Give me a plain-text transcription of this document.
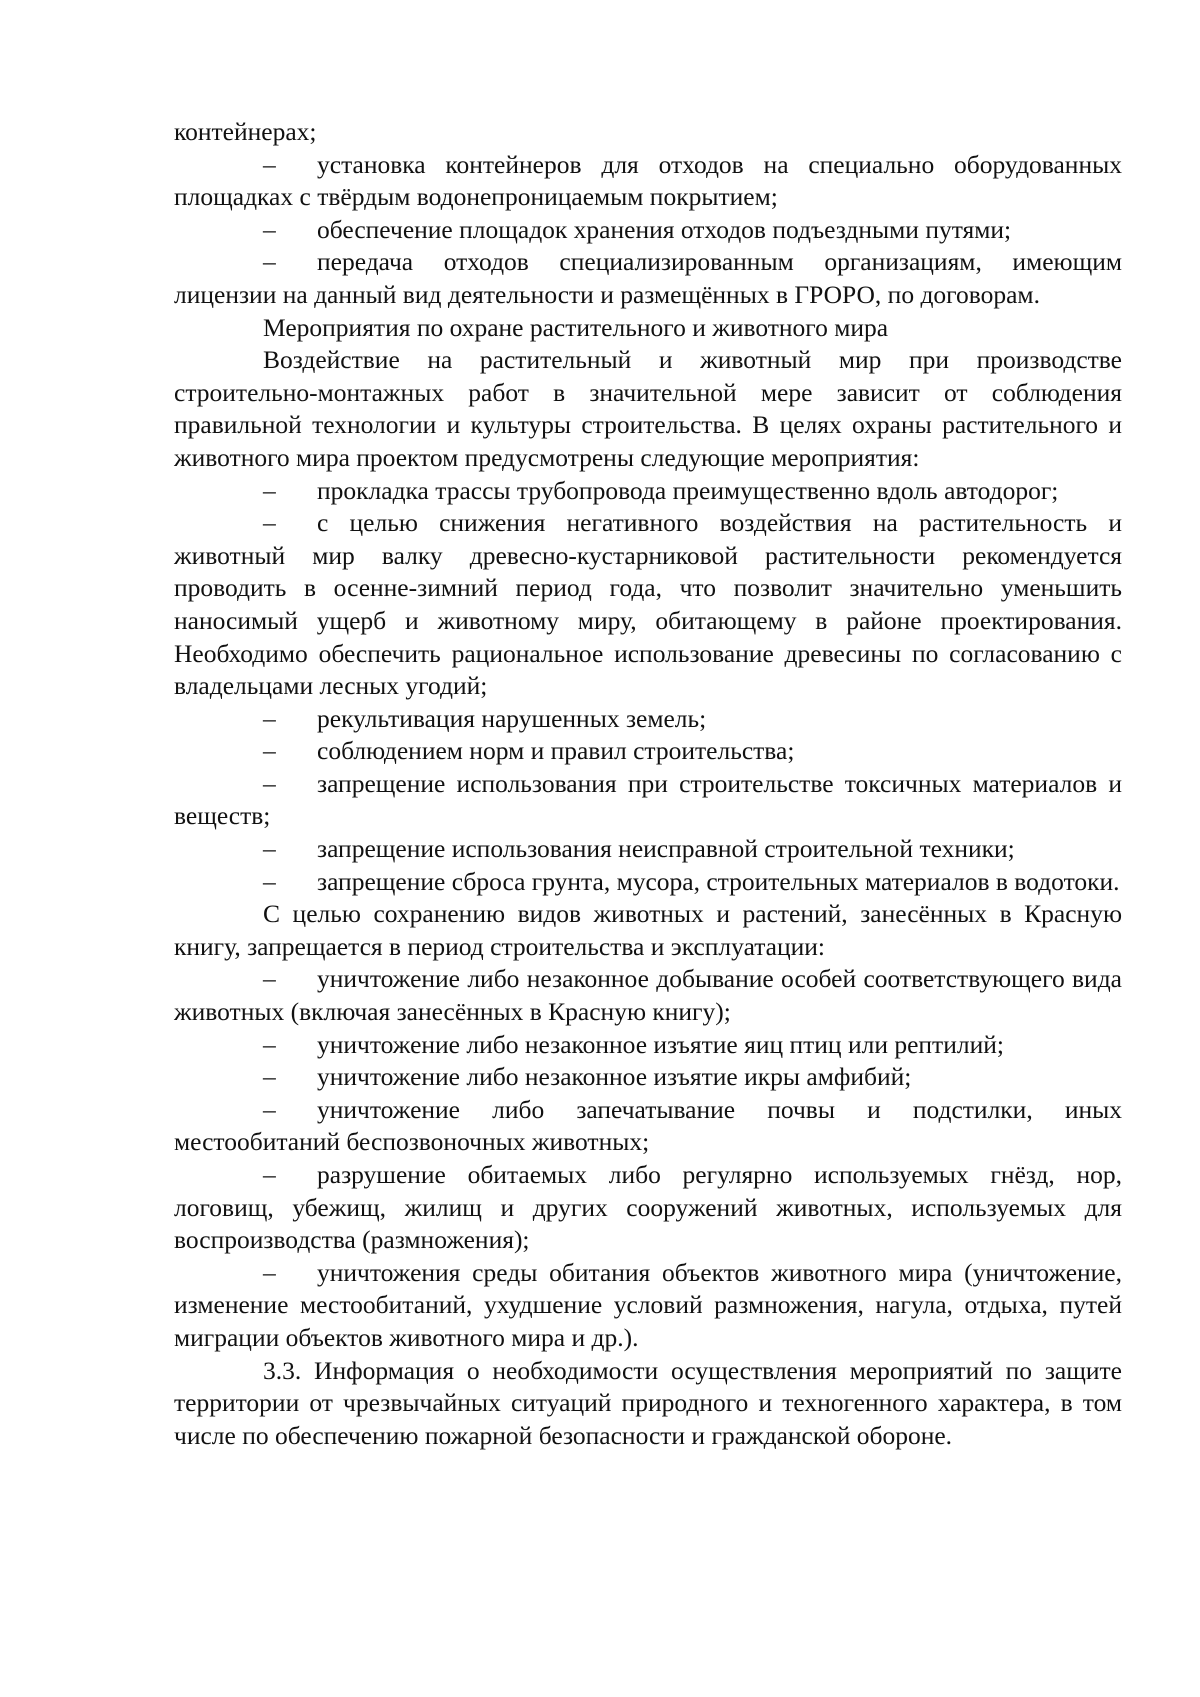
контейнерах;

– установка контейнеров для отходов на специально оборудованных площадках с твёрдым водонепроницаемым покрытием;

– обеспечение площадок хранения отходов подъездными путями;

– передача отходов специализированным организациям, имеющим лицензии на данный вид деятельности и размещённых в ГРОРО, по договорам.

Мероприятия по охране растительного и животного мира

Воздействие на растительный и животный мир при производстве строительно-монтажных работ в значительной мере зависит от соблюдения правильной технологии и культуры строительства. В целях охраны растительного и животного мира проектом предусмотрены следующие мероприятия:

– прокладка трассы трубопровода преимущественно вдоль автодорог;

– с целью снижения негативного воздействия на растительность и животный мир валку древесно-кустарниковой растительности рекомендуется проводить в осенне-зимний период года, что позволит значительно уменьшить наносимый ущерб и животному миру, обитающему в районе проектирования. Необходимо обеспечить рациональное использование древесины по согласованию с владельцами лесных угодий;

– рекультивация нарушенных земель;

– соблюдением норм и правил строительства;

– запрещение использования при строительстве токсичных материалов и веществ;

– запрещение использования неисправной строительной техники;

– запрещение сброса грунта, мусора, строительных материалов в водотоки.

С целью сохранению видов животных и растений, занесённых в Красную книгу, запрещается в период строительства и эксплуатации:

– уничтожение либо незаконное добывание особей соответствующего вида животных (включая занесённых в Красную книгу);

– уничтожение либо незаконное изъятие яиц птиц или рептилий;

– уничтожение либо незаконное изъятие икры амфибий;

– уничтожение либо запечатывание почвы и подстилки, иных местообитаний беспозвоночных животных;

– разрушение обитаемых либо регулярно используемых гнёзд, нор, логовищ, убежищ, жилищ и других сооружений животных, используемых для воспроизводства (размножения);

– уничтожения среды обитания объектов животного мира (уничтожение, изменение местообитаний, ухудшение условий размножения, нагула, отдыха, путей миграции объектов животного мира и др.).

3.3. Информация о необходимости осуществления мероприятий по защите территории от чрезвычайных ситуаций природного и техногенного характера, в том числе по обеспечению пожарной безопасности и гражданской обороне.
